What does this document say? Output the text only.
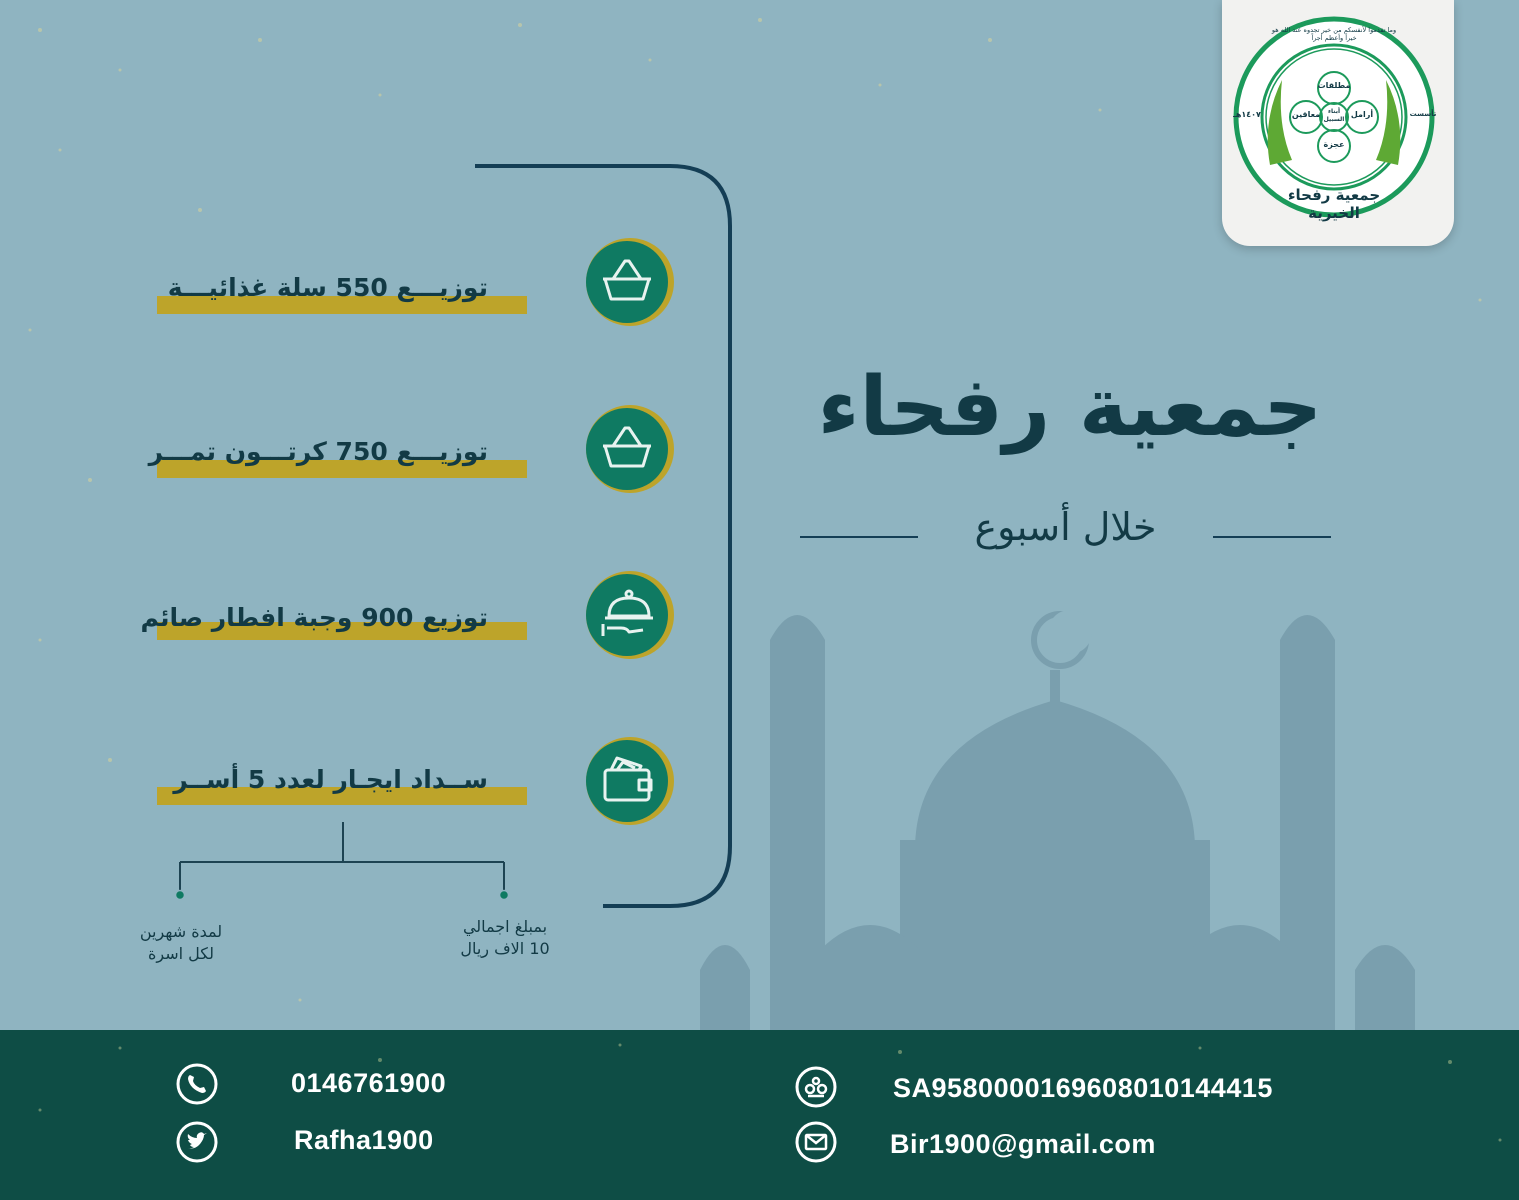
مطلقات
أرامل
معاقين
عجزة
أبناء السبيل
تأسست
١٤٠٧هـ
وما تقدموا لأنفسكم من خير تجدوه عند الله هو خيراً وأعظم أجراً
جمعية رفحاء الخيرية
جمعية رفحاء
خلال أسبوع
توزيـــع 550 سلة غذائيـــة
توزيـــع 750 كرتـــون تمـــر
توزيع 900 وجبة افطار صائم
ســداد ايجـار لعدد 5 أســر
بمبلغ اجمالي
10 الاف ريال
لمدة شهرين
لكل اسرة
0146761900
Rafha1900
SA9580000169608010144415
Bir1900@gmail.com
